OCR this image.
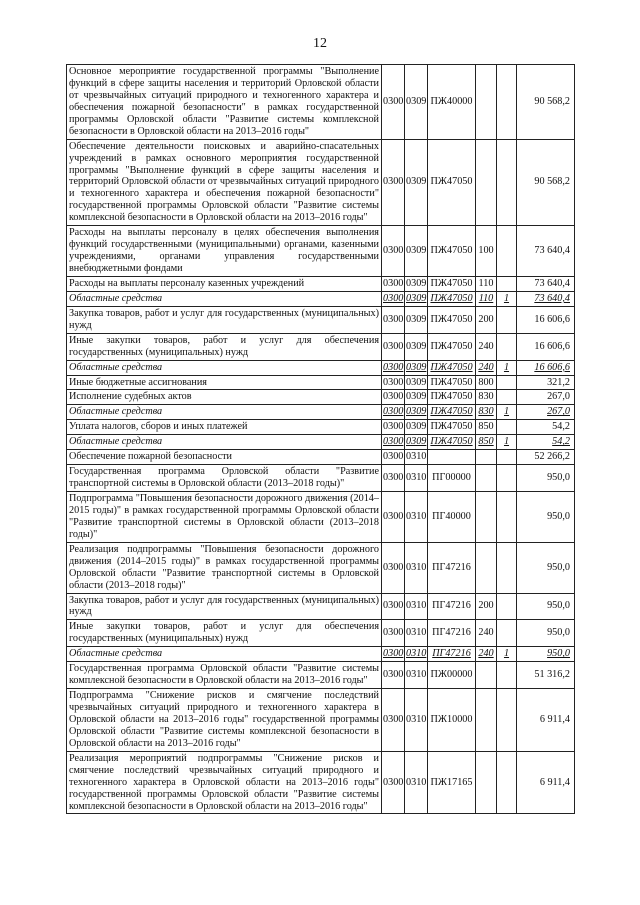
12
Основное мероприятие государственной программы "Выполнение функций в сфере защиты населения и территорий Орловской области от чрезвычайных ситуаций природного и техногенного характера и обеспечения пожарной безопасности" в рамках государственной программы Орловской области "Развитие системы комплексной безопасности в Орловской области на 2013–2016 годы"	0300	0309	ПЖ40000			90 568,2
Обеспечение деятельности поисковых и аварийно-спасательных учреждений в рамках основного мероприятия государственной программы "Выполнение функций в сфере защиты населения и территорий Орловской области от чрезвычайных ситуаций природного и техногенного характера и обеспечения пожарной безопасности" государственной программы Орловской области "Развитие системы комплексной безопасности в Орловской области на 2013–2016 годы"	0300	0309	ПЖ47050			90 568,2
Расходы на выплаты персоналу в целях обеспечения выполнения функций государственными (муниципальными) органами, казенными учреждениями, органами управления государственными внебюджетными фондами	0300	0309	ПЖ47050	100		73 640,4
Расходы на выплаты персоналу казенных учреждений	0300	0309	ПЖ47050	110		73 640,4
Областные средства	0300	0309	ПЖ47050	110	1	73 640,4
Закупка товаров, работ и услуг для государственных (муниципальных) нужд	0300	0309	ПЖ47050	200		16 606,6
Иные закупки товаров, работ и услуг для обеспечения государственных (муниципальных) нужд	0300	0309	ПЖ47050	240		16 606,6
Областные средства	0300	0309	ПЖ47050	240	1	16 606,6
Иные бюджетные ассигнования	0300	0309	ПЖ47050	800		321,2
Исполнение судебных актов	0300	0309	ПЖ47050	830		267,0
Областные средства	0300	0309	ПЖ47050	830	1	267,0
Уплата налогов, сборов и иных платежей	0300	0309	ПЖ47050	850		54,2
Областные средства	0300	0309	ПЖ47050	850	1	54,2
Обеспечение пожарной безопасности	0300	0310				52 266,2
Государственная программа Орловской области "Развитие транспортной системы в Орловской области (2013–2018 годы)"	0300	0310	ПГ00000			950,0
Подпрограмма "Повышения безопасности дорожного движения (2014–2015 годы)" в рамках государственной программы Орловской области "Развитие транспортной системы в Орловской области (2013–2018 годы)"	0300	0310	ПГ40000			950,0
Реализация подпрограммы "Повышения безопасности дорожного движения (2014–2015 годы)" в рамках государственной программы Орловской области "Развитие транспортной системы в Орловской области (2013–2018 годы)"	0300	0310	ПГ47216			950,0
Закупка товаров, работ и услуг для государственных (муниципальных) нужд	0300	0310	ПГ47216	200		950,0
Иные закупки товаров, работ и услуг для обеспечения государственных (муниципальных) нужд	0300	0310	ПГ47216	240		950,0
Областные средства	0300	0310	ПГ47216	240	1	950,0
Государственная программа Орловской области "Развитие системы комплексной безопасности в Орловской области на 2013–2016 годы"	0300	0310	ПЖ00000			51 316,2
Подпрограмма "Снижение рисков и смягчение последствий чрезвычайных ситуаций природного и техногенного характера в Орловской области на 2013–2016 годы" государственной программы Орловской области "Развитие системы комплексной безопасности в Орловской области на 2013–2016 годы"	0300	0310	ПЖ10000			6 911,4
Реализация мероприятий подпрограммы "Снижение рисков и смягчение последствий чрезвычайных ситуаций природного и техногенного характера в Орловской области на 2013–2016 годы" государственной программы Орловской области "Развитие системы комплексной безопасности в Орловской области на 2013–2016 годы"	0300	0310	ПЖ17165			6 911,4
